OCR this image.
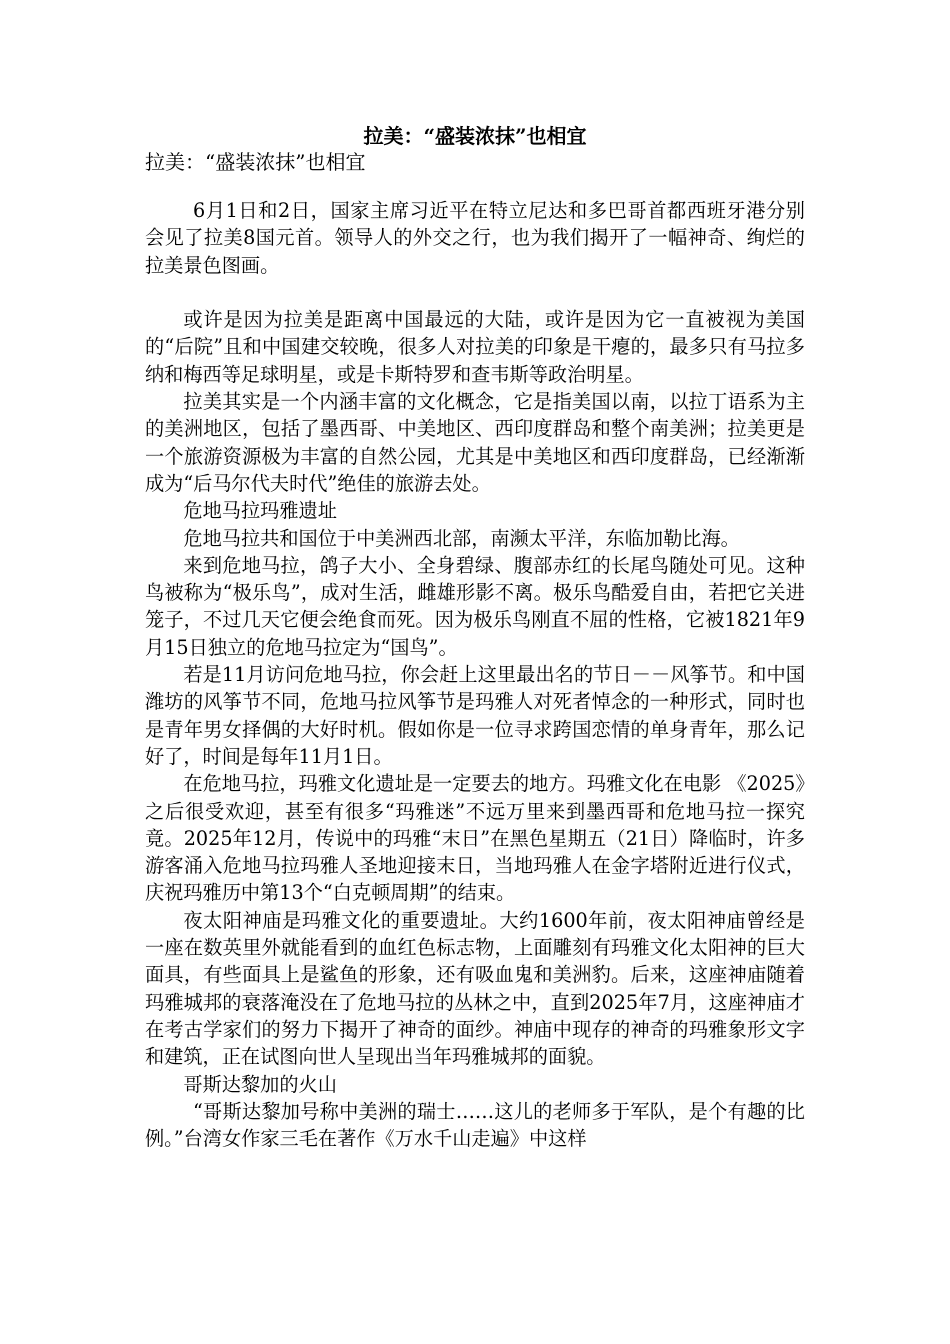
拉美：“盛装浓抹”也相宜
拉美：“盛装浓抹”也相宜

6月1日和2日，国家主席习近平在特立尼达和多巴哥首都西班牙港分别会见了拉美8国元首。领导人的外交之行，也为我们揭开了一幅神奇、绚烂的拉美景色图画。

或许是因为拉美是距离中国最远的大陆，或许是因为它一直被视为美国的“后院”且和中国建交较晚，很多人对拉美的印象是干瘪的，最多只有马拉多纳和梅西等足球明星，或是卡斯特罗和查韦斯等政治明星。

拉美其实是一个内涵丰富的文化概念，它是指美国以南，以拉丁语系为主的美洲地区，包括了墨西哥、中美地区、西印度群岛和整个南美洲；拉美更是一个旅游资源极为丰富的自然公园，尤其是中美地区和西印度群岛，已经渐渐成为“后马尔代夫时代”绝佳的旅游去处。

危地马拉玛雅遗址

危地马拉共和国位于中美洲西北部，南濒太平洋，东临加勒比海。

来到危地马拉，鸽子大小、全身碧绿、腹部赤红的长尾鸟随处可见。这种鸟被称为“极乐鸟”，成对生活，雌雄形影不离。极乐鸟酷爱自由，若把它关进笼子，不过几天它便会绝食而死。因为极乐鸟刚直不屈的性格，它被1821年9月15日独立的危地马拉定为“国鸟”。

若是11月访问危地马拉，你会赶上这里最出名的节日－－风筝节。和中国潍坊的风筝节不同，危地马拉风筝节是玛雅人对死者悼念的一种形式，同时也是青年男女择偶的大好时机。假如你是一位寻求跨国恋情的单身青年，那么记好了，时间是每年11月1日。

在危地马拉，玛雅文化遗址是一定要去的地方。玛雅文化在电影 《2025》之后很受欢迎，甚至有很多“玛雅迷”不远万里来到墨西哥和危地马拉一探究竟。2025年12月，传说中的玛雅“末日”在黑色星期五（21日）降临时，许多游客涌入危地马拉玛雅人圣地迎接末日，当地玛雅人在金字塔附近进行仪式，庆祝玛雅历中第13个“白克顿周期”的结束。

夜太阳神庙是玛雅文化的重要遗址。大约1600年前，夜太阳神庙曾经是一座在数英里外就能看到的血红色标志物，上面雕刻有玛雅文化太阳神的巨大面具，有些面具上是鲨鱼的形象，还有吸血鬼和美洲豹。后来，这座神庙随着玛雅城邦的衰落淹没在了危地马拉的丛林之中，直到2025年7月，这座神庙才在考古学家们的努力下揭开了神奇的面纱。神庙中现存的神奇的玛雅象形文字和建筑，正在试图向世人呈现出当年玛雅城邦的面貌。

哥斯达黎加的火山

“哥斯达黎加号称中美洲的瑞士……这儿的老师多于军队，是个有趣的比例。”台湾女作家三毛在著作《万水千山走遍》中这样
